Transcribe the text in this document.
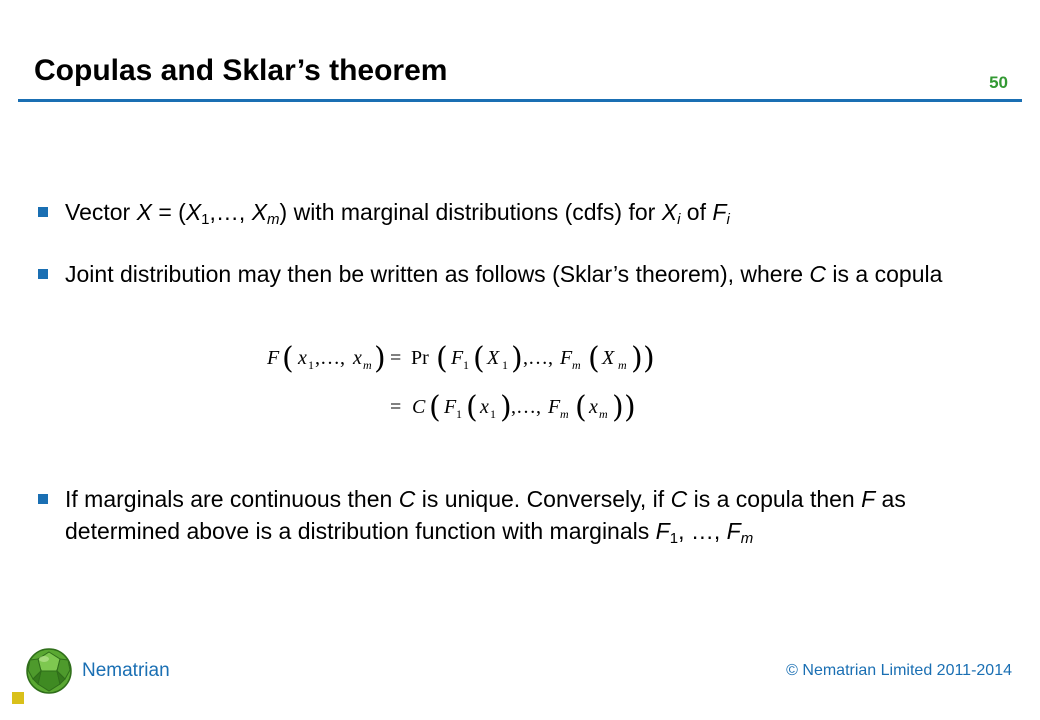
Copulas and Sklar’s theorem	50
Vector $X = (X_1,\dots$, $X_m$) with marginal distributions (cdfs) for $X_i$ of $F_i$
Joint distribution may then be written as follows (Sklar’s theorem), where C is a copula
F ( x 1 ,…, x m ) = Pr ( F 1 ( X 1 ) ,…, F m ( X m ) )
= C ( F 1 ( x 1 ) ,…, F m ( x m ) )
If marginals are continuous then C is unique. Conversely, if C is a copula then F as determined above is a distribution function with marginals $F_1$, …, $F_m$
Nematrian	© Nematrian Limited 2011-2014
